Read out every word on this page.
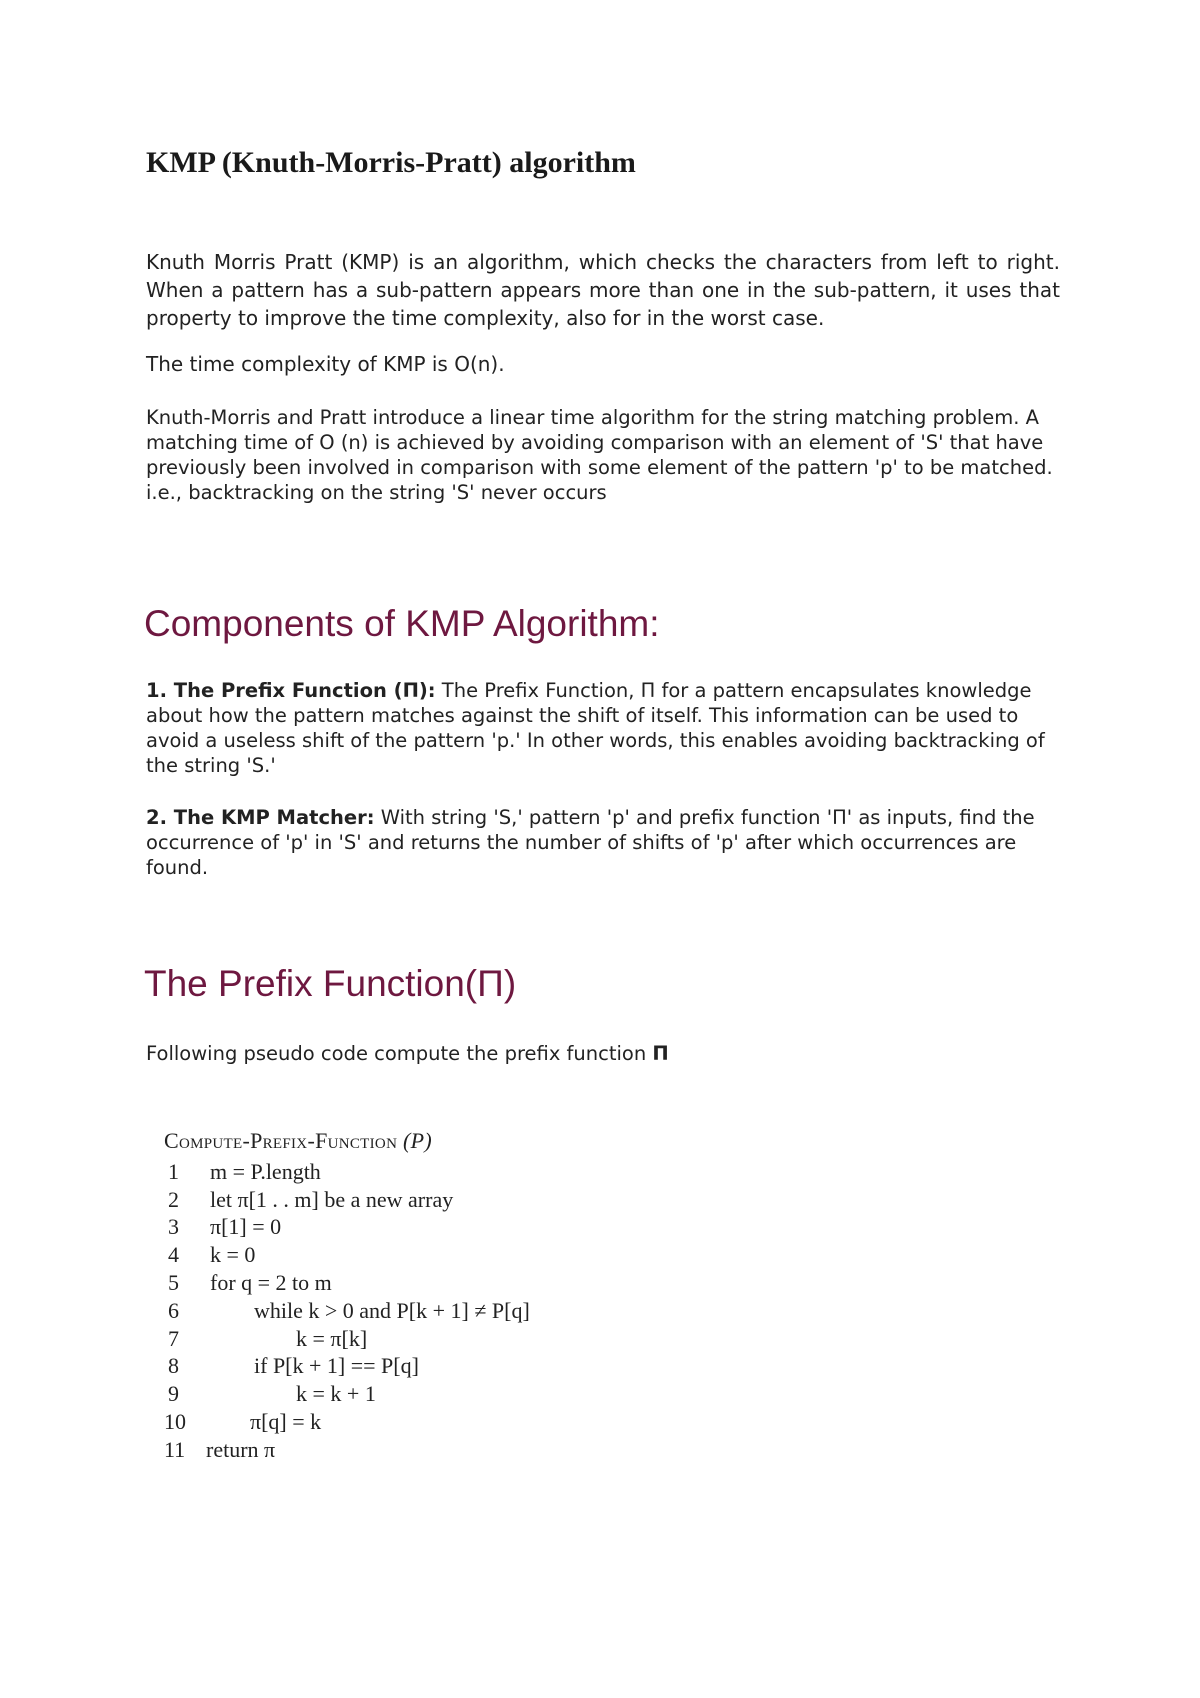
KMP (Knuth-Morris-Pratt) algorithm

Knuth Morris Pratt (KMP) is an algorithm, which checks the characters from left to right. When a pattern has a sub-pattern appears more than one in the sub-pattern, it uses that property to improve the time complexity, also for in the worst case.

The time complexity of KMP is O(n).

Knuth-Morris and Pratt introduce a linear time algorithm for the string matching problem. A matching time of O (n) is achieved by avoiding comparison with an element of 'S' that have previously been involved in comparison with some element of the pattern 'p' to be matched. i.e., backtracking on the string 'S' never occurs

Components of KMP Algorithm:

1. The Prefix Function (Π): The Prefix Function, Π for a pattern encapsulates knowledge about how the pattern matches against the shift of itself. This information can be used to avoid a useless shift of the pattern 'p.' In other words, this enables avoiding backtracking of the string 'S.'

2. The KMP Matcher: With string 'S,' pattern 'p' and prefix function 'Π' as inputs, find the occurrence of 'p' in 'S' and returns the number of shifts of 'p' after which occurrences are found.

The Prefix Function(Π)

Following pseudo code compute the prefix function Π

Compute-Prefix-Function (P)
1	m = P.length
2	let π[1 . . m] be a new array
3	π[1] = 0
4	k = 0
5	for q = 2 to m
6	while k > 0 and P[k + 1] ≠ P[q]
7	k = π[k]
8	if P[k + 1] == P[q]
9	k = k + 1
10	π[q] = k
11 return π
